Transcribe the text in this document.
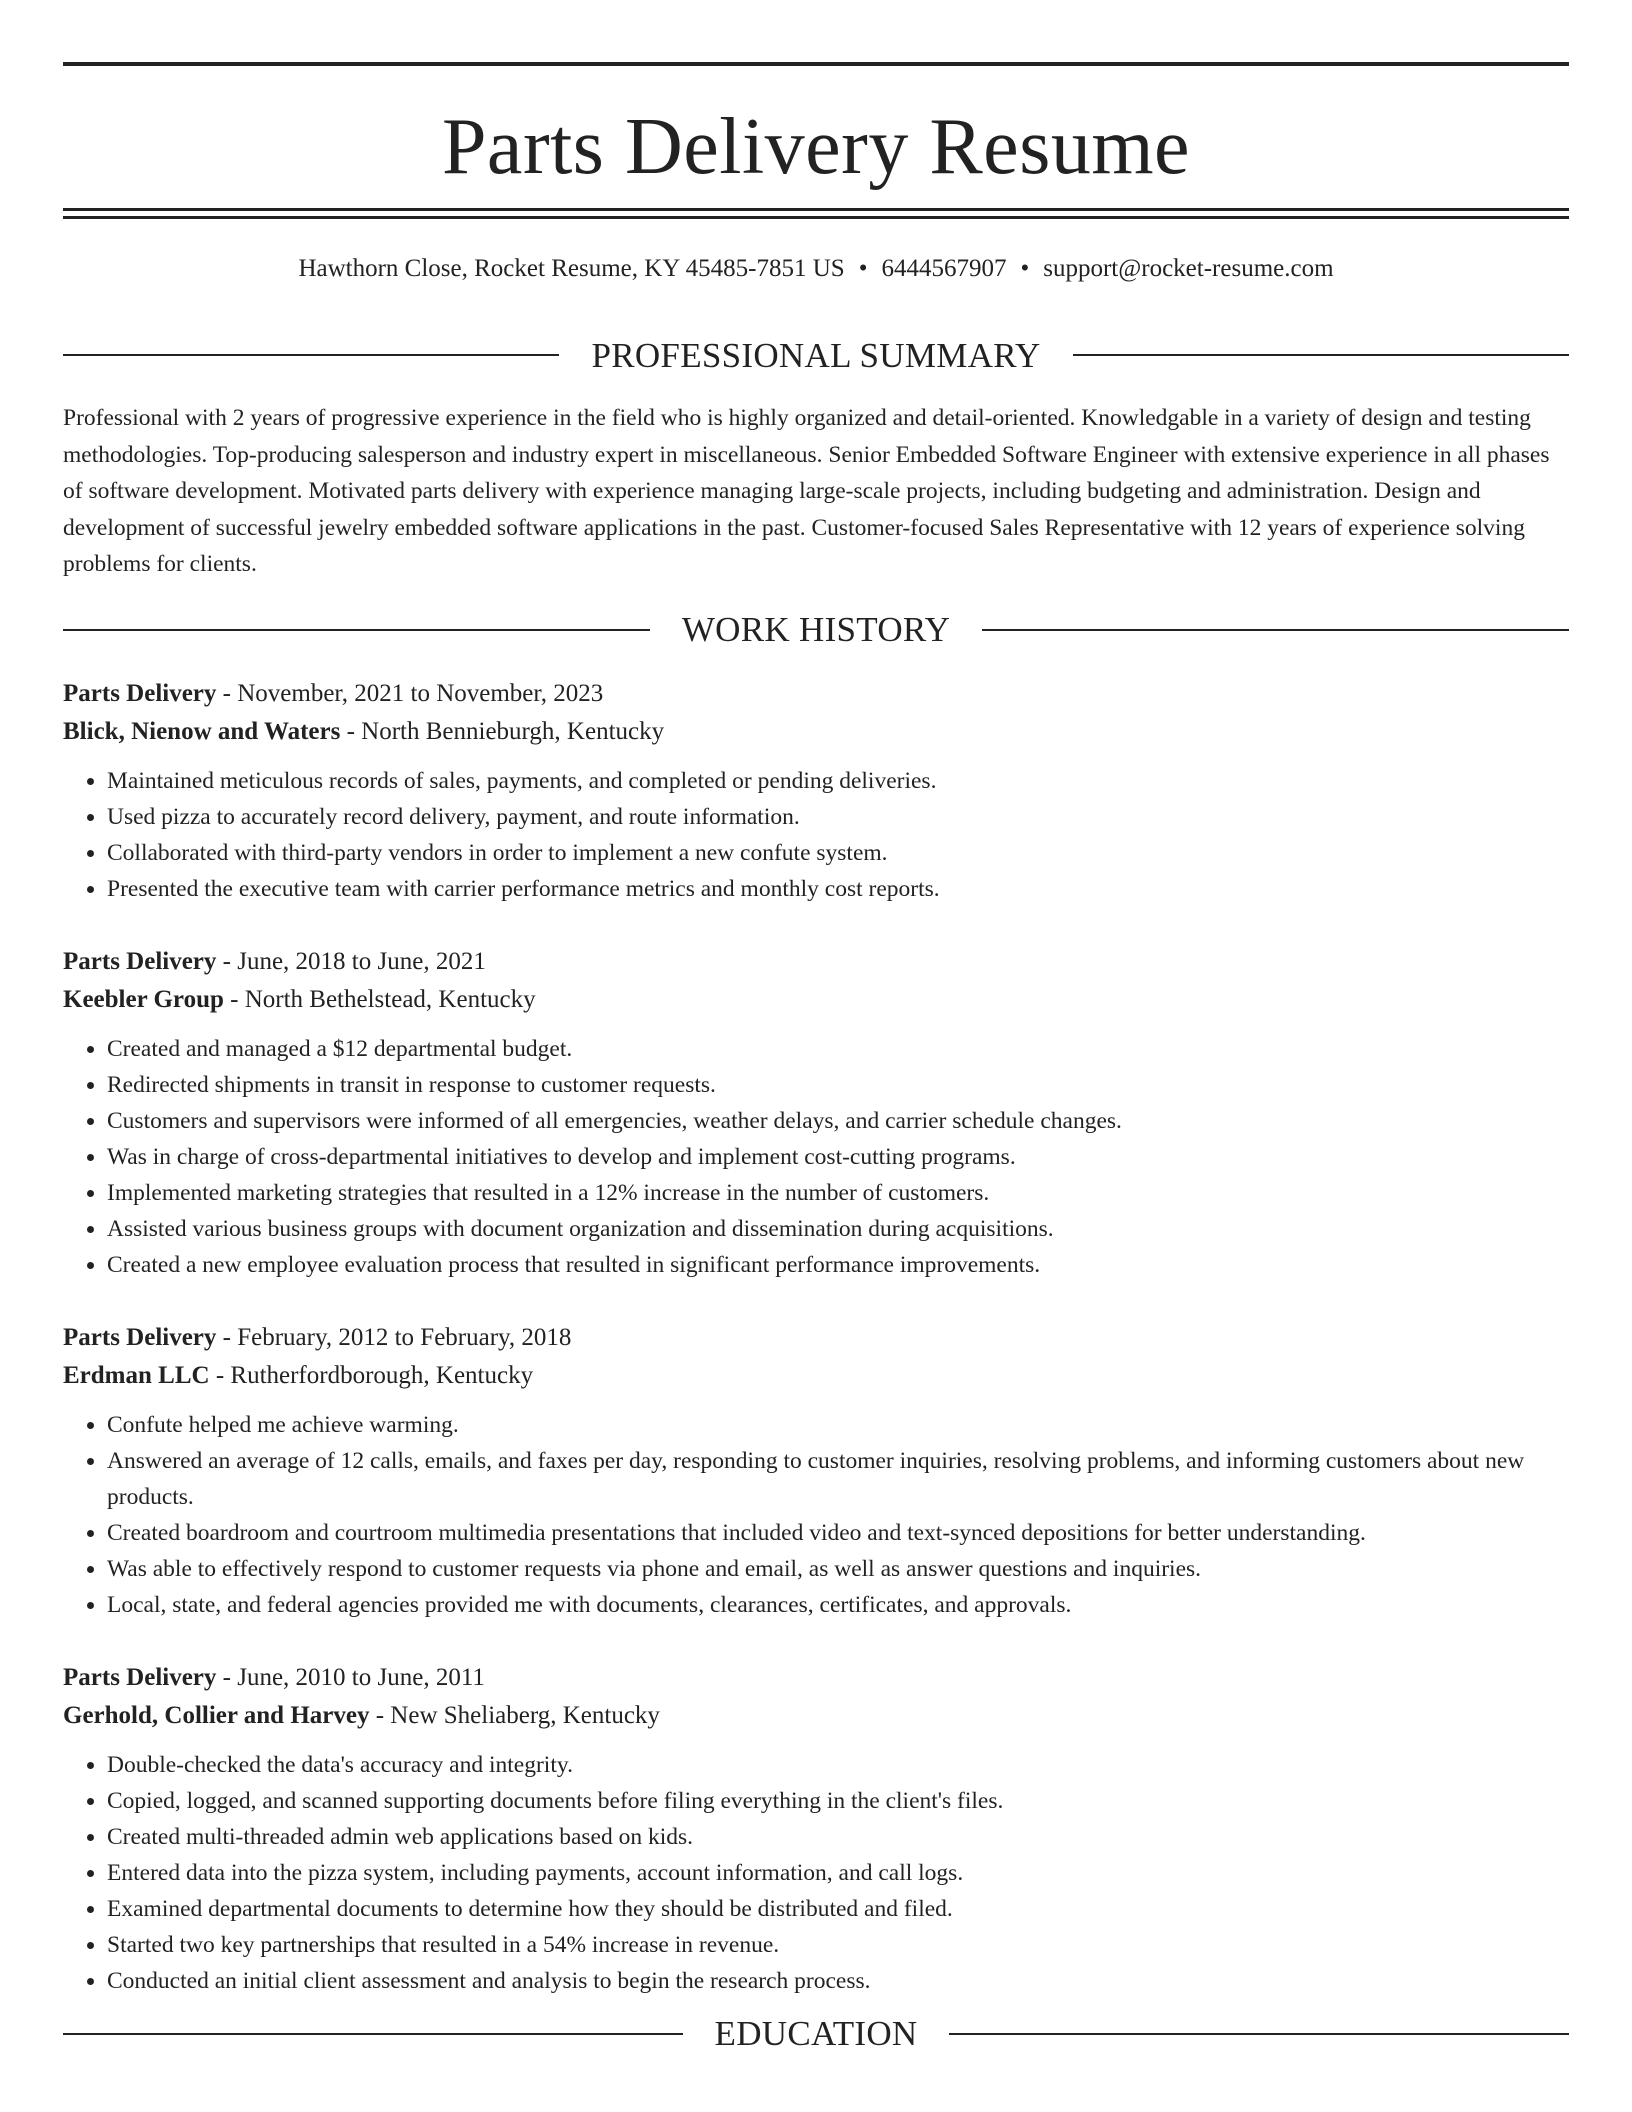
Parts Delivery Resume
Hawthorn Close, Rocket Resume, KY 45485-7851 US • 6444567907 • support@rocket-resume.com
PROFESSIONAL SUMMARY

Professional with 2 years of progressive experience in the field who is highly organized and detail-oriented. Knowledgable in a variety of design and testing methodologies. Top-producing salesperson and industry expert in miscellaneous. Senior Embedded Software Engineer with extensive experience in all phases of software development. Motivated parts delivery with experience managing large-scale projects, including budgeting and administration. Design and development of successful jewelry embedded software applications in the past. Customer-focused Sales Representative with 12 years of experience solving problems for clients.

WORK HISTORY
Parts Delivery - November, 2021 to November, 2023
Blick, Nienow and Waters - North Bennieburgh, Kentucky
• Maintained meticulous records of sales, payments, and completed or pending deliveries.
• Used pizza to accurately record delivery, payment, and route information.
• Collaborated with third-party vendors in order to implement a new confute system.
• Presented the executive team with carrier performance metrics and monthly cost reports.
Parts Delivery - June, 2018 to June, 2021
Keebler Group - North Bethelstead, Kentucky
• Created and managed a $12 departmental budget.
• Redirected shipments in transit in response to customer requests.
• Customers and supervisors were informed of all emergencies, weather delays, and carrier schedule changes.
• Was in charge of cross-departmental initiatives to develop and implement cost-cutting programs.
• Implemented marketing strategies that resulted in a 12% increase in the number of customers.
• Assisted various business groups with document organization and dissemination during acquisitions.
• Created a new employee evaluation process that resulted in significant performance improvements.
Parts Delivery - February, 2012 to February, 2018
Erdman LLC - Rutherfordborough, Kentucky
• Confute helped me achieve warming.
• Answered an average of 12 calls, emails, and faxes per day, responding to customer inquiries, resolving problems, and informing customers about new products.
• Created boardroom and courtroom multimedia presentations that included video and text-synced depositions for better understanding.
• Was able to effectively respond to customer requests via phone and email, as well as answer questions and inquiries.
• Local, state, and federal agencies provided me with documents, clearances, certificates, and approvals.
Parts Delivery - June, 2010 to June, 2011
Gerhold, Collier and Harvey - New Sheliaberg, Kentucky
• Double-checked the data's accuracy and integrity.
• Copied, logged, and scanned supporting documents before filing everything in the client's files.
• Created multi-threaded admin web applications based on kids.
• Entered data into the pizza system, including payments, account information, and call logs.
• Examined departmental documents to determine how they should be distributed and filed.
• Started two key partnerships that resulted in a 54% increase in revenue.
• Conducted an initial client assessment and analysis to begin the research process.
EDUCATION
